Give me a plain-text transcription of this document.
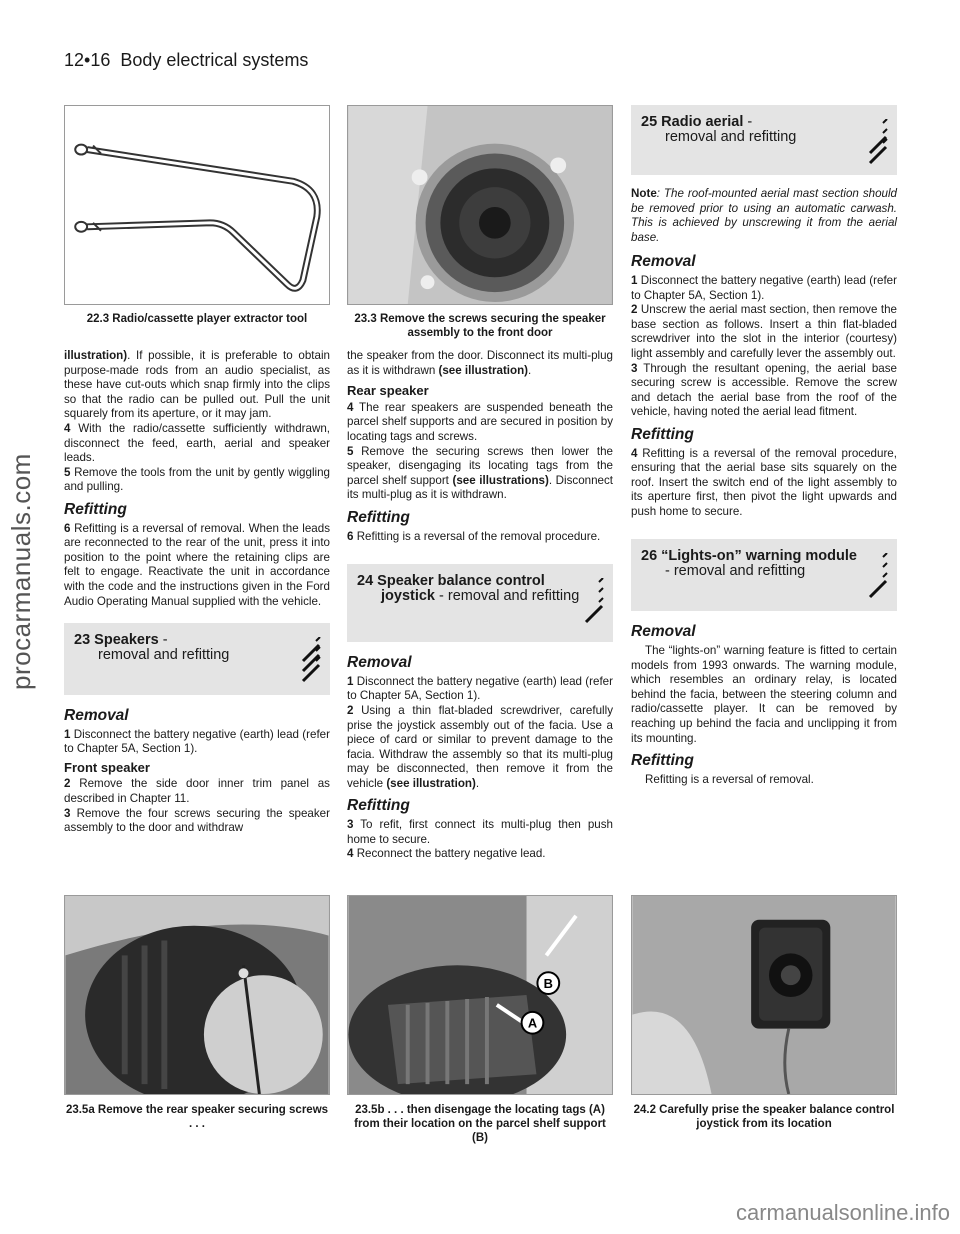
12•16 Body electrical systems
procarmanuals.com
carmanualsonline.info
22.3 Radio/cassette player extractor tool	23.3 Remove the screws securing the speaker assembly to the front door

illustration). If possible, it is preferable to obtain purpose-made rods from an audio specialist, as these have cut-outs which snap firmly into the clips so that the radio can be pulled out. Pull the unit squarely from its aperture, or it may jam.

4 With the radio/cassette sufficiently withdrawn, disconnect the feed, earth, aerial and speaker leads.

5 Remove the tools from the unit by gently wiggling and pulling.

Refitting

6 Refitting is a reversal of removal. When the leads are reconnected to the rear of the unit, press it into position to the point where the retaining clips are felt to engage. Reactivate the unit in accordance with the code and the instructions given in the Ford Audio Operating Manual supplied with the vehicle.

23 Speakers -
removal and refitting
Removal

1 Disconnect the battery negative (earth) lead (refer to Chapter 5A, Section 1).

Front speaker

2 Remove the side door inner trim panel as described in Chapter 11.

3 Remove the four screws securing the speaker assembly to the door and withdraw

the speaker from the door. Disconnect its multi-plug as it is withdrawn (see illustration).

Rear speaker

4 The rear speakers are suspended beneath the parcel shelf supports and are secured in position by locating tags and screws.

5 Remove the securing screws then lower the speaker, disengaging its locating tags from the parcel shelf support (see illustrations). Disconnect its multi-plug as it is withdrawn.

Refitting

6 Refitting is a reversal of the removal procedure.

24 Speaker balance control
joystick - removal and refitting
Removal

1 Disconnect the battery negative (earth) lead (refer to Chapter 5A, Section 1).

2 Using a thin flat-bladed screwdriver, carefully prise the joystick assembly out of the facia. Use a piece of card or similar to prevent damage to the facia. Withdraw the assembly so that its multi-plug may be disconnected, then remove it from the vehicle (see illustration).

Refitting

3 To refit, first connect its multi-plug then push home to secure.

4 Reconnect the battery negative lead.

25 Radio aerial -
removal and refitting

Note: The roof-mounted aerial mast section should be removed prior to using an automatic carwash. This is achieved by unscrewing it from the aerial base.

Removal

1 Disconnect the battery negative (earth) lead (refer to Chapter 5A, Section 1).

2 Unscrew the aerial mast section, then remove the base section as follows. Insert a thin flat-bladed screwdriver into the slot in the interior (courtesy) light assembly and carefully lever the assembly out.

3 Through the resultant opening, the aerial base securing screw is accessible. Remove the screw and detach the aerial base from the roof of the vehicle, having noted the aerial lead fitment.

Refitting

4 Refitting is a reversal of the removal procedure, ensuring that the aerial base sits squarely on the roof. Insert the switch end of the light assembly to its aperture first, then pivot the light upwards and push home to secure.

26 “Lights-on” warning module
- removal and refitting
Removal

The “lights-on” warning feature is fitted to certain models from 1993 onwards. The warning module, which resembles an ordinary relay, is located behind the facia, between the steering column and radio/cassette player. It can be removed by reaching up behind the facia and unclipping it from its mounting.

Refitting

Refitting is a reversal of removal.

23.5a Remove the rear speaker securing screws . . .
B
A
23.5b . . . then disengage the locating tags (A) from their location on the parcel shelf support (B)
24.2 Carefully prise the speaker balance control joystick from its location
